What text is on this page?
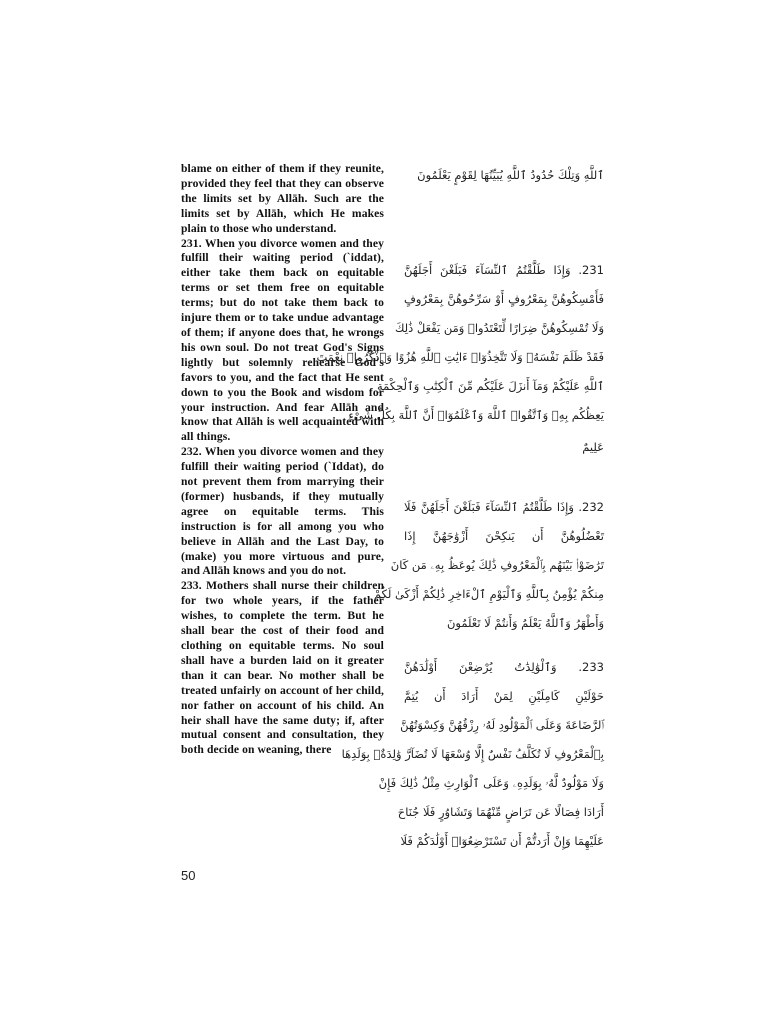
blame on either of them if they reunite, provided they feel that they can observe the limits set by Allāh. Such are the limits set by Allāh, which He makes plain to those who understand.

231. When you divorce women and they fulfill their waiting period (`iddat), either take them back on equitable terms or set them free on equitable terms; but do not take them back to injure them or to take undue advantage of them; if anyone does that, he wrongs his own soul. Do not treat God's Signs lightly but solemnly rehearse God's favors to you, and the fact that He sent down to you the Book and wisdom for your instruction. And fear Allāh and know that Allāh is well acquainted with all things.

232. When you divorce women and they fulfill their waiting period (`Iddat), do not prevent them from marrying their (former) husbands, if they mutually agree on equitable terms. This instruction is for all among you who believe in Allāh and the Last Day, to (make) you more virtuous and pure, and Allāh knows and you do not.

233. Mothers shall nurse their children for two whole years, if the father wishes, to complete the term. But he shall bear the cost of their food and clothing on equitable terms. No soul shall have a burden laid on it greater than it can bear. No mother shall be treated unfairly on account of her child, nor father on account of his child. An heir shall have the same duty; if, after mutual consent and consultation, they both decide on weaning, there

ٱللَّهِ وَتِلْكَ حُدُودُ ٱللَّهِ يُبَيِّنُهَا لِقَوْمٍ يَعْلَمُونَ
231. وَإِذَا طَلَّقْتُمُ ٱلنِّسَآءَ فَبَلَغْنَ أَجَلَهُنَّ
فَأَمْسِكُوهُنَّ بِمَعْرُوفٍ أَوْ سَرِّحُوهُنَّ بِمَعْرُوفٍ
وَلَا تُمْسِكُوهُنَّ ضِرَارًا لِّتَعْتَدُوا۟ وَمَن يَفْعَلْ ذَٰلِكَ
فَقَدْ ظَلَمَ نَفْسَهُۥ وَلَا تَتَّخِذُوٓا۟ ءَايَٰتِ ٱللَّهِ هُزُوًا وَٱذْكُرُوا۟ نِعْمَتَ
ٱللَّهِ عَلَيْكُمْ وَمَآ أَنزَلَ عَلَيْكُم مِّنَ ٱلْكِتَٰبِ وَٱلْحِكْمَةِ
يَعِظُكُم بِهِۦ وَٱتَّقُوا۟ ٱللَّهَ وَٱعْلَمُوٓا۟ أَنَّ ٱللَّهَ بِكُلِّ شَىْءٍ
عَلِيمٌ
232. وَإِذَا طَلَّقْتُمُ ٱلنِّسَآءَ فَبَلَغْنَ أَجَلَهُنَّ فَلَا
تَعْضُلُوهُنَّ أَن يَنكِحْنَ أَزْوَٰجَهُنَّ إِذَا
تَرَٰضَوْا۟ بَيْنَهُم بِٱلْمَعْرُوفِ ذَٰلِكَ يُوعَظُ بِهِۦ مَن كَانَ
مِنكُمْ يُؤْمِنُ بِٱللَّهِ وَٱلْيَوْمِ ٱلْءَاخِرِ ذَٰلِكُمْ أَزْكَىٰ لَكُمْ
وَأَطْهَرُ وَٱللَّهُ يَعْلَمُ وَأَنتُمْ لَا تَعْلَمُونَ
233. وَٱلْوَٰلِدَٰتُ يُرْضِعْنَ أَوْلَٰدَهُنَّ
حَوْلَيْنِ كَامِلَيْنِ لِمَنْ أَرَادَ أَن يُتِمَّ
ٱلرَّضَاعَةَ وَعَلَى ٱلْمَوْلُودِ لَهُۥ رِزْقُهُنَّ وَكِسْوَتُهُنَّ
بِٱلْمَعْرُوفِ لَا تُكَلَّفُ نَفْسٌ إِلَّا وُسْعَهَا لَا تُضَآرَّ وَٰلِدَةٌۢ بِوَلَدِهَا
وَلَا مَوْلُودٌ لَّهُۥ بِوَلَدِهِۦ وَعَلَى ٱلْوَارِثِ مِثْلُ ذَٰلِكَ فَإِنْ
أَرَادَا فِصَالًا عَن تَرَاضٍ مِّنْهُمَا وَتَشَاوُرٍ فَلَا جُنَاحَ
عَلَيْهِمَا وَإِنْ أَرَدتُّمْ أَن تَسْتَرْضِعُوٓا۟ أَوْلَٰدَكُمْ فَلَا
50
